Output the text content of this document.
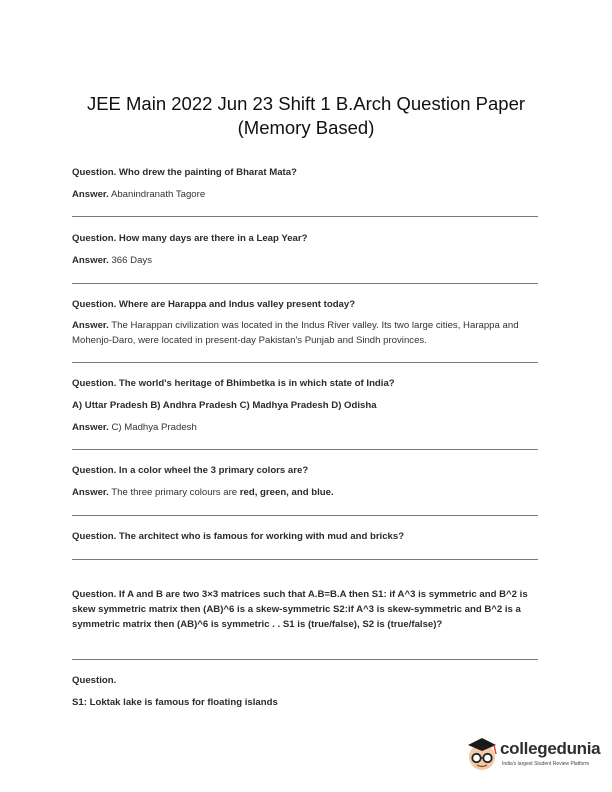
JEE Main 2022 Jun 23 Shift 1 B.Arch Question Paper (Memory Based)
Question. Who drew the painting of Bharat Mata?
Answer. Abanindranath Tagore
Question. How many days are there in a Leap Year?
Answer. 366 Days
Question. Where are Harappa and Indus valley present today?
Answer. The Harappan civilization was located in the Indus River valley. Its two large cities, Harappa and Mohenjo-Daro, were located in present-day Pakistan's Punjab and Sindh provinces.
Question. The world's heritage of Bhimbetka is in which state of India?
A) Uttar Pradesh B) Andhra Pradesh C) Madhya Pradesh D) Odisha
Answer. C) Madhya Pradesh
Question. In a color wheel the 3 primary colors are?
Answer. The three primary colours are red, green, and blue.
Question. The architect who is famous for working with mud and bricks?
Question. If A and B are two 3×3 matrices such that A.B=B.A then S1: if A^3 is symmetric and B^2 is skew symmetric matrix then (AB)^6 is a skew-symmetric S2:if A^3 is skew-symmetric and B^2 is a symmetric matrix then (AB)^6 is symmetric . . S1 is (true/false), S2 is (true/false)?
Question.
S1: Loktak lake is famous for floating islands
collegedunia
India's largest Student Review Platform
